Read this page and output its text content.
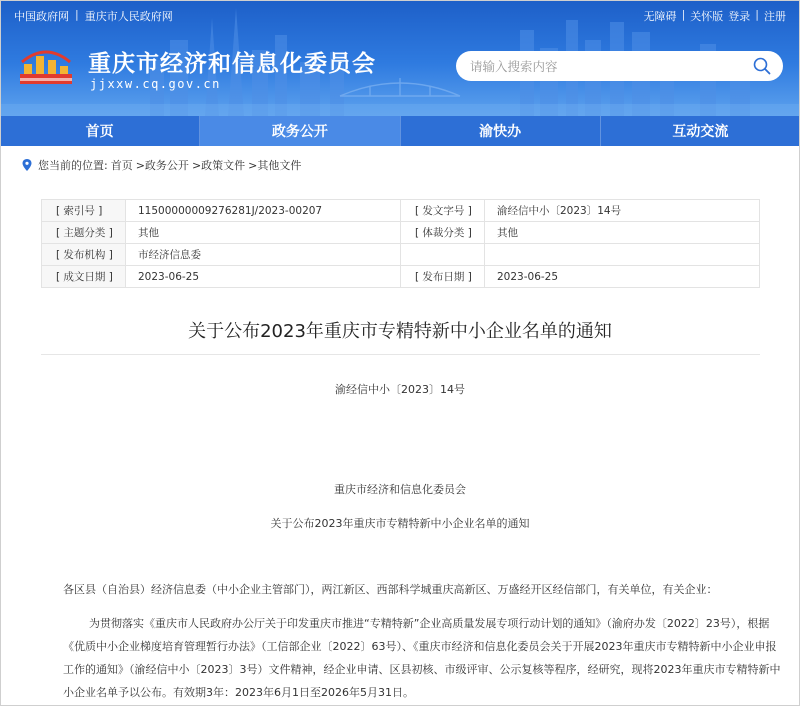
中国政府网 | 重庆市人民政府网	无障碍 | 关怀版 登录 | 注册
重庆市经济和信息化委员会
jjxxw.cq.gov.cn
请输入搜索内容
首页	政务公开	渝快办	互动交流
您当前的位置: 首页 >政务公开 >政策文件 >其他文件
[ 索引号 ]	11500000009276281J/2023-00207	[ 发文字号 ]	渝经信中小〔2023〕14号
[ 主题分类 ]	其他	[ 体裁分类 ]	其他
[ 发布机构 ]	市经济信息委		
[ 成文日期 ]	2023-06-25	[ 发布日期 ]	2023-06-25
关于公布2023年重庆市专精特新中小企业名单的通知
渝经信中小〔2023〕14号
重庆市经济和信息化委员会
关于公布2023年重庆市专精特新中小企业名单的通知
各区县（自治县）经济信息委（中小企业主管部门），两江新区、西部科学城重庆高新区、万盛经开区经信部门，有关单位，有关企业：
为贯彻落实《重庆市人民政府办公厅关于印发重庆市推进“专精特新”企业高质量发展专项行动计划的通知》（渝府办发〔2022〕23号），根据
《优质中小企业梯度培育管理暂行办法》（工信部企业〔2022〕63号）、《重庆市经济和信息化委员会关于开展2023年重庆市专精特新中小企业申报
工作的通知》（渝经信中小〔2023〕3号）文件精神，经企业申请、区县初核、市级评审、公示复核等程序，经研究，现将2023年重庆市专精特新中
小企业名单予以公布。有效期3年：2023年6月1日至2026年5月31日。
